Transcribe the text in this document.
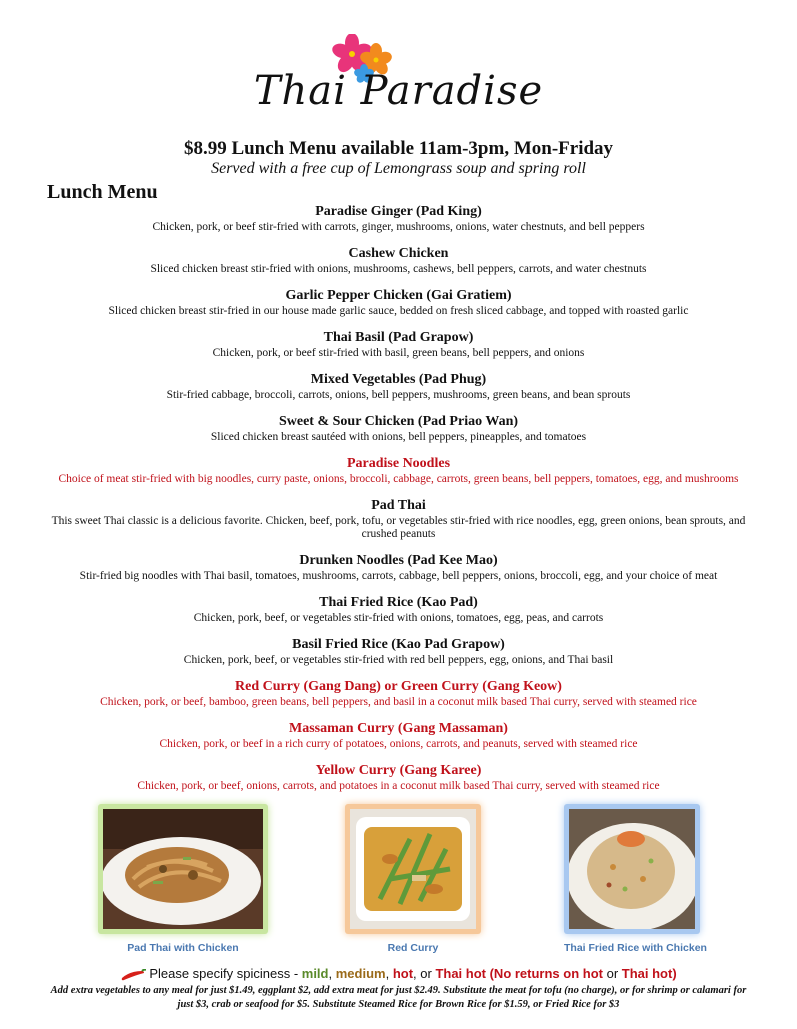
Thai Paradise
$8.99 Lunch Menu available 11am-3pm, Mon-Friday
Served with a free cup of Lemongrass soup and spring roll
Lunch Menu
Paradise Ginger (Pad King)
Chicken, pork, or beef stir-fried with carrots, ginger, mushrooms, onions, water chestnuts, and bell peppers
Cashew Chicken
Sliced chicken breast stir-fried with onions, mushrooms, cashews, bell peppers, carrots, and water chestnuts
Garlic Pepper Chicken (Gai Gratiem)
Sliced chicken breast stir-fried in our house made garlic sauce, bedded on fresh sliced cabbage, and topped with roasted garlic
Thai Basil (Pad Grapow)
Chicken, pork, or beef stir-fried with basil, green beans, bell peppers, and onions
Mixed Vegetables (Pad Phug)
Stir-fried cabbage, broccoli, carrots, onions, bell peppers, mushrooms, green beans, and bean sprouts
Sweet & Sour Chicken (Pad Priao Wan)
Sliced chicken breast sautéed with onions, bell peppers, pineapples, and tomatoes
Paradise Noodles
Choice of meat stir-fried with big noodles, curry paste, onions, broccoli, cabbage, carrots, green beans, bell peppers, tomatoes, egg, and mushrooms
Pad Thai
This sweet Thai classic is a delicious favorite. Chicken, beef, pork, tofu, or vegetables stir-fried with rice noodles, egg, green onions, bean sprouts, and crushed peanuts
Drunken Noodles (Pad Kee Mao)
Stir-fried big noodles with Thai basil, tomatoes, mushrooms, carrots, cabbage, bell peppers, onions, broccoli, egg, and your choice of meat
Thai Fried Rice (Kao Pad)
Chicken, pork, beef, or vegetables stir-fried with onions, tomatoes, egg, peas, and carrots
Basil Fried Rice (Kao Pad Grapow)
Chicken, pork, beef, or vegetables stir-fried with red bell peppers, egg, onions, and Thai basil
Red Curry (Gang Dang) or Green Curry (Gang Keow)
Chicken, pork, or beef, bamboo, green beans, bell peppers, and basil in a coconut milk based Thai curry, served with steamed rice
Massaman Curry (Gang Massaman)
Chicken, pork, or beef in a rich curry of potatoes, onions, carrots, and peanuts, served with steamed rice
Yellow Curry (Gang Karee)
Chicken, pork, or beef, onions, carrots, and potatoes in a coconut milk based Thai curry, served with steamed rice
Pad Thai with Chicken	Red Curry	Thai Fried Rice with Chicken
Please specify spiciness - mild, medium, hot, or Thai hot (No returns on hot or Thai hot)
Add extra vegetables to any meal for just $1.49, eggplant $2, add extra meat for just $2.49. Substitute the meat for tofu (no charge), or for shrimp or calamari for just $3, crab or seafood for $5. Substitute Steamed Rice for Brown Rice for $1.59, or Fried Rice for $3
